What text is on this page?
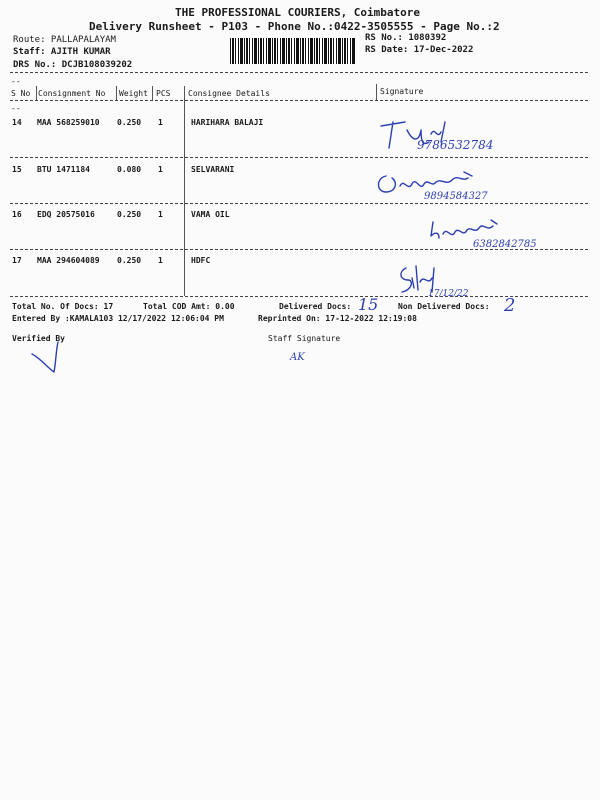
THE PROFESSIONAL COURIERS, Coimbatore
Delivery Runsheet - P103 - Phone No.:0422-3505555 - Page No.:2
Route: PALLAPALAYAM
Staff: AJITH KUMAR
DRS No.: DCJB108039202
RS No.: 1080392
RS Date: 17-Dec-2022
--
S No Consignment No Weight PCS Consignee Details	Signature
--
14 MAA 568259010 0.250 1	HARIHARA BALAJI
9786532784
15 BTU 1471184	0.080 1	SELVARANI
9894584327
16 EDQ 20575016	0.250 1	VAMA OIL
6382842785
17 MAA 294604089 0.250 1	HDFC
17/12/22
Total No. Of Docs: 17	Total COD Amt: 0.00	Delivered Docs: 15 Non Delivered Docs: 2
Entered By :KAMALA103 12/17/2022 12:06:04 PM	Reprinted On: 17-12-2022 12:19:08
Verified By	Staff Signature
AK
